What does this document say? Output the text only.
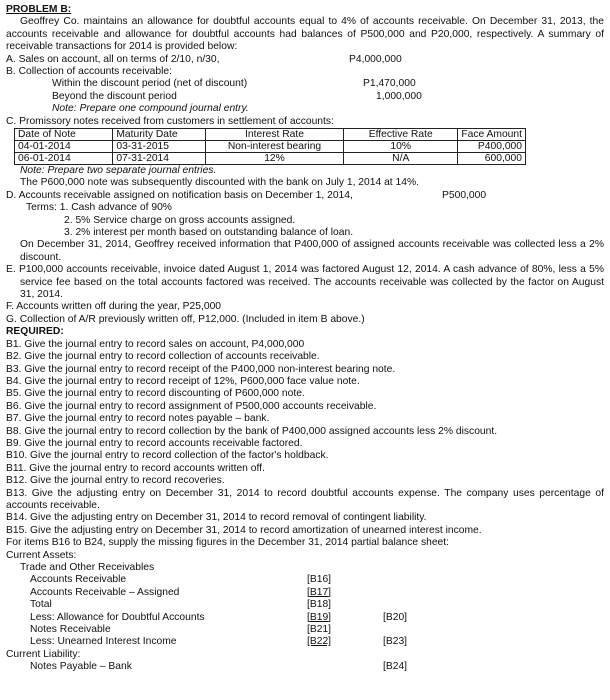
PROBLEM B:
Geoffrey Co. maintains an allowance for doubtful accounts equal to 4% of accounts receivable. On December 31, 2013, the accounts receivable and allowance for doubtful accounts had balances of P500,000 and P20,000, respectively. A summary of receivable transactions for 2014 is provided below:
A. Sales on account, all on terms of 2/10, n/30,	P4,000,000
B. Collection of accounts receivable:
Within the discount period (net of discount)	P1,470,000
Beyond the discount period	1,000,000
Note: Prepare one compound journal entry.
C. Promissory notes received from customers in settlement of accounts:
Date of Note	Maturity Date	Interest Rate	Effective Rate	Face Amount
04-01-2014	03-31-2015	Non-interest bearing	10%	P400,000
06-01-2014	07-31-2014	12%	N/A	600,000
Note: Prepare two separate journal entries.
The P600,000 note was subsequently discounted with the bank on July 1, 2014 at 14%.
D. Accounts receivable assigned on notification basis on December 1, 2014,	P500,000
Terms: 1. Cash advance of 90%
2. 5% Service charge on gross accounts assigned.
3. 2% interest per month based on outstanding balance of loan.
On December 31, 2014, Geoffrey received information that P400,000 of assigned accounts receivable was collected less a 2% discount.
E. P100,000 accounts receivable, invoice dated August 1, 2014 was factored August 12, 2014. A cash advance of 80%, less a 5% service fee based on the total accounts factored was received. The accounts receivable was collected by the factor on August 31, 2014.
F. Accounts written off during the year, P25,000
G. Collection of A/R previously written off, P12,000. (Included in item B above.)
REQUIRED:
B1. Give the journal entry to record sales on account, P4,000,000
B2. Give the journal entry to record collection of accounts receivable.
B3. Give the journal entry to record receipt of the P400,000 non-interest bearing note.
B4. Give the journal entry to record receipt of 12%, P600,000 face value note.
B5. Give the journal entry to record discounting of P600,000 note.
B6. Give the journal entry to record assignment of P500,000 accounts receivable.
B7. Give the journal entry to record notes payable – bank.
B8. Give the journal entry to record collection by the bank of P400,000 assigned accounts less 2% discount.
B9. Give the journal entry to record accounts receivable factored.
B10. Give the journal entry to record collection of the factor's holdback.
B11. Give the journal entry to record accounts written off.
B12. Give the journal entry to record recoveries.
B13. Give the adjusting entry on December 31, 2014 to record doubtful accounts expense. The company uses percentage of accounts receivable.
B14. Give the adjusting entry on December 31, 2014 to record removal of contingent liability.
B15. Give the adjusting entry on December 31, 2014 to record amortization of unearned interest income.
For items B16 to B24, supply the missing figures in the December 31, 2014 partial balance sheet:
Current Assets:
Trade and Other Receivables
Accounts Receivable	[B16]
Accounts Receivable – Assigned	[B17]
Total	[B18]
Less: Allowance for Doubtful Accounts	[B19]	[B20]
Notes Receivable	[B21]
Less: Unearned Interest Income	[B22]	[B23]
Current Liability:
Notes Payable – Bank	[B24]
